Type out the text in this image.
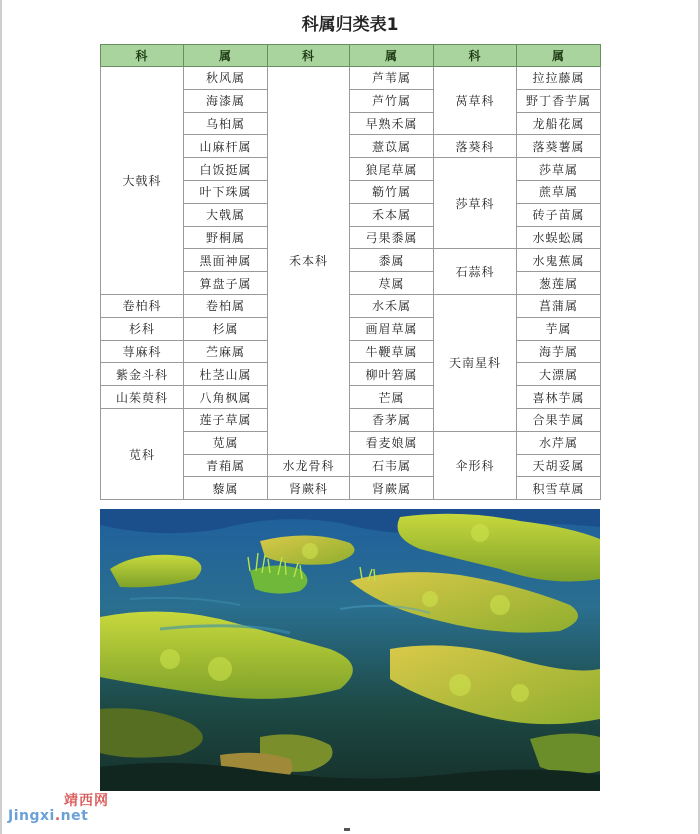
科属归类表1
科	属	科	属	科	属
大戟科	秋风属	禾本科	芦苇属	莴草科	拉拉藤属
	海漆属		芦竹属		野丁香芋属
	乌桕属		早熟禾属		龙船花属
	山麻杆属		薏苡属	落葵科	落葵薯属
	白饭挺属		狼尾草属	莎草科	莎草属
	叶下珠属		簕竹属		蔗草属
	大戟属		禾本属		砖子苗属
	野桐属		弓果黍属		水蜈蚣属
	黑面神属		黍属	石蒜科	水鬼蕉属
	算盘子属		荩属		葱莲属
卷柏科	卷柏属		水禾属	天南星科	菖蒲属
杉科	杉属		画眉草属		芋属
荨麻科	苎麻属		牛鞭草属		海芋属
紫金斗科	杜茎山属		柳叶箬属		大漂属
山茱萸科	八角枫属		芒属		喜林芋属
苋科	莲子草属		香茅属		合果芋属
	苋属		看麦娘属	伞形科	水芹属
	青葙属	水龙骨科	石韦属		天胡妥属
	藜属	肾蕨科	肾蕨属		积雪草属
靖西网
Jingxi.net
